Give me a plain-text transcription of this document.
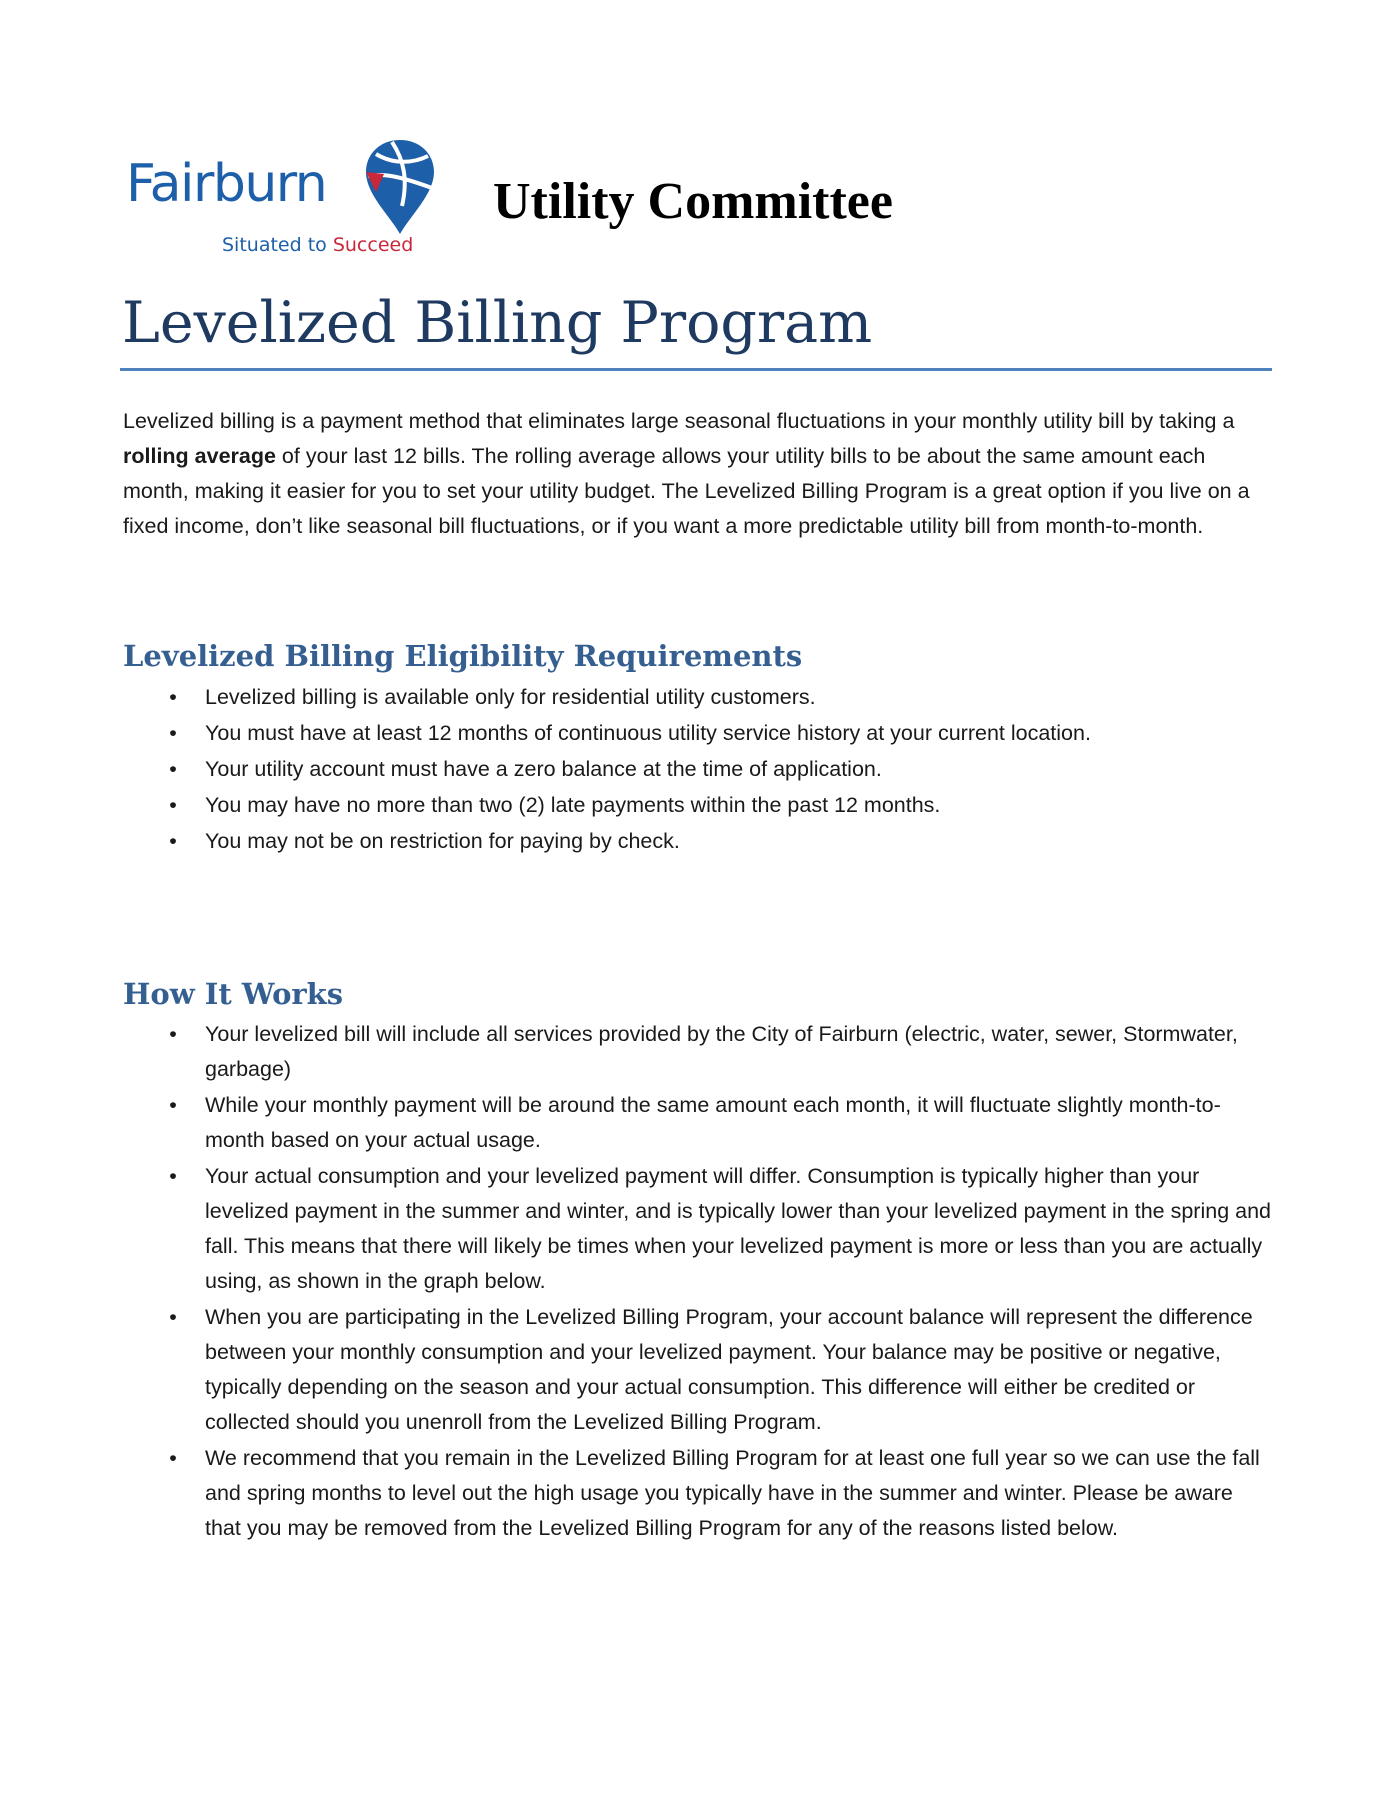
Fairburn
Situated to Succeed
Utility Committee
Levelized Billing Program

Levelized billing is a payment method that eliminates large seasonal fluctuations in your monthly utility bill by taking a rolling average of your last 12 bills. The rolling average allows your utility bills to be about the same amount each month, making it easier for you to set your utility budget. The Levelized Billing Program is a great option if you live on a fixed income, don’t like seasonal bill fluctuations, or if you want a more predictable utility bill from month-to-month.

Levelized Billing Eligibility Requirements
• Levelized billing is available only for residential utility customers.
• You must have at least 12 months of continuous utility service history at your current location.
• Your utility account must have a zero balance at the time of application.
• You may have no more than two (2) late payments within the past 12 months.
• You may not be on restriction for paying by check.
How It Works
• Your levelized bill will include all services provided by the City of Fairburn (electric, water, sewer, Stormwater, garbage)
• While your monthly payment will be around the same amount each month, it will fluctuate slightly month-to-month based on your actual usage.
• Your actual consumption and your levelized payment will differ. Consumption is typically higher than your levelized payment in the summer and winter, and is typically lower than your levelized payment in the spring and fall. This means that there will likely be times when your levelized payment is more or less than you are actually using, as shown in the graph below.
• When you are participating in the Levelized Billing Program, your account balance will represent the difference between your monthly consumption and your levelized payment. Your balance may be positive or negative, typically depending on the season and your actual consumption. This difference will either be credited or collected should you unenroll from the Levelized Billing Program.
• We recommend that you remain in the Levelized Billing Program for at least one full year so we can use the fall and spring months to level out the high usage you typically have in the summer and winter. Please be aware that you may be removed from the Levelized Billing Program for any of the reasons listed below.
